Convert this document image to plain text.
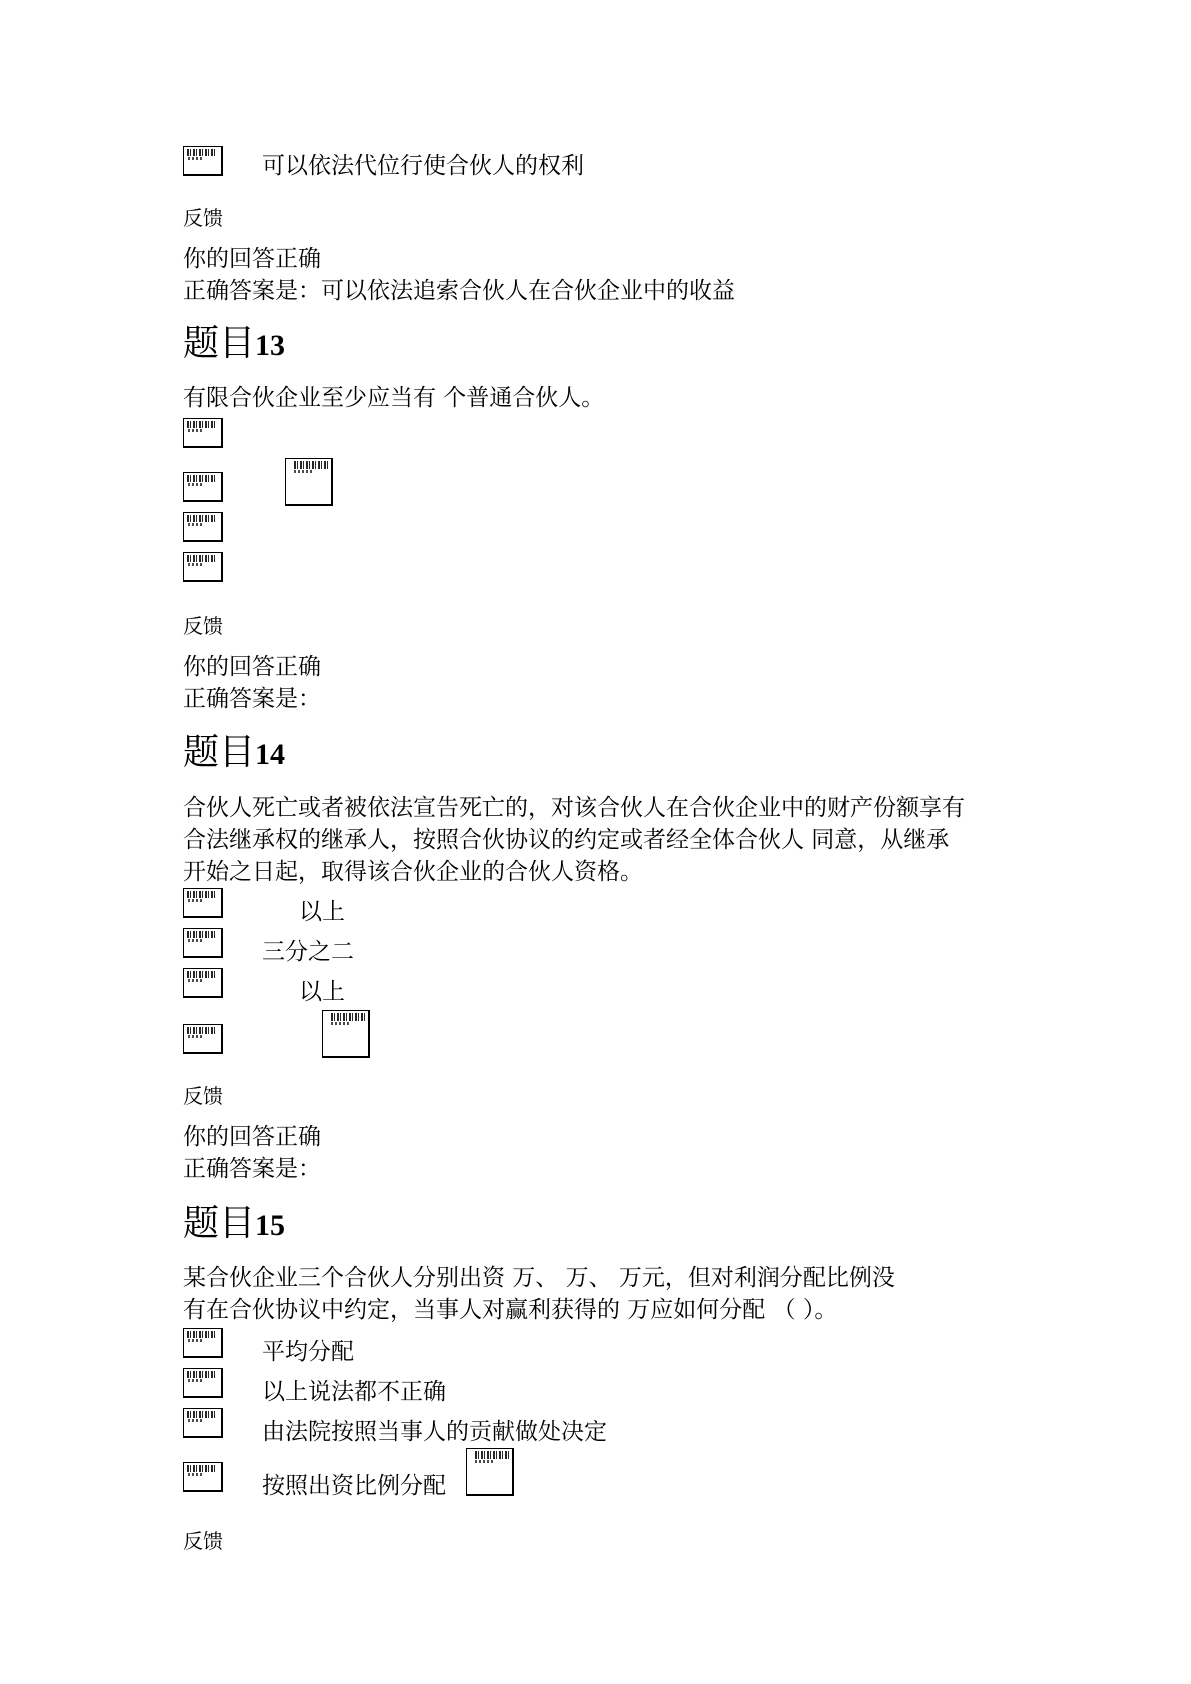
可以依法代位行使合伙人的权利
反馈
你的回答正确
正确答案是：可以依法追索合伙人在合伙企业中的收益
题目13
有限合伙企业至少应当有 个普通合伙人。
反馈
你的回答正确
正确答案是：
题目14
合伙人死亡或者被依法宣告死亡的，对该合伙人在合伙企业中的财产份额享有
合法继承权的继承人，按照合伙协议的约定或者经全体合伙人 同意，从继承
开始之日起，取得该合伙企业的合伙人资格。
以上
三分之二
以上
反馈
你的回答正确
正确答案是：
题目15
某合伙企业三个合伙人分别出资 万、 万、 万元，但对利润分配比例没
有在合伙协议中约定，当事人对赢利获得的 万应如何分配 （ ）。
平均分配
以上说法都不正确
由法院按照当事人的贡献做处决定
按照出资比例分配
反馈
